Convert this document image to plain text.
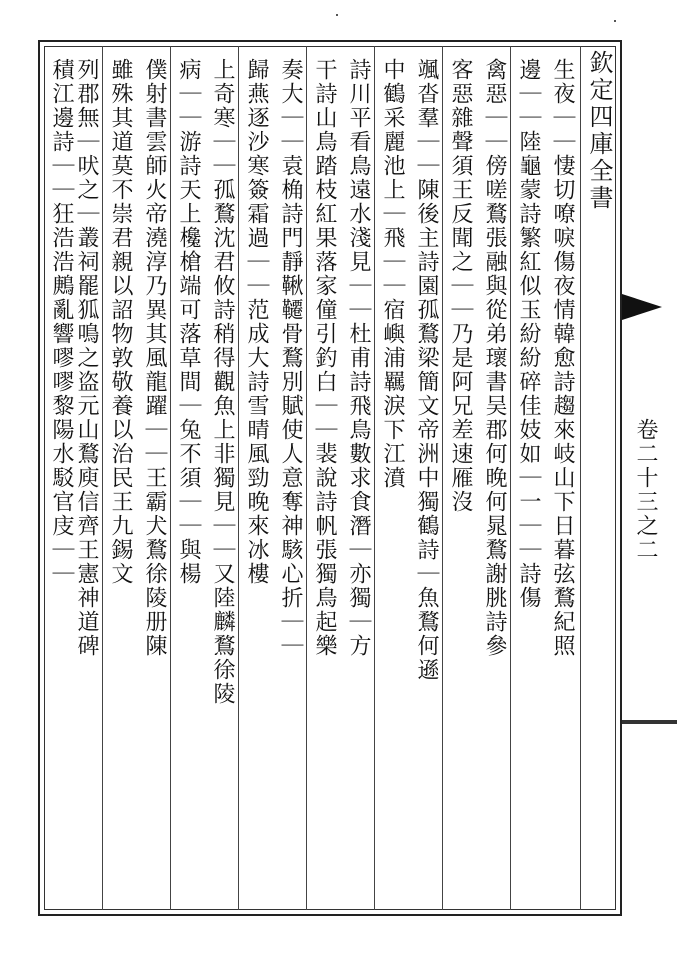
欽定四庫全書
卷二十三之二
生夜｜｜悽切嘹唳傷夜情韓愈詩趨來岐山下日暮弦鶩紀照
邊｜｜陸龜蒙詩繁紅似玉紛紛碎佳妓如｜一｜｜詩傷
禽惡｜｜傍嗟鶩張融與從弟瓌書吴郡何晚何晁鶩謝朓詩參
客惡雜聲須王反聞之｜｜乃是阿兄差速雁沒
颯沓羣｜｜陳後主詩園孤鶩梁簡文帝洲中獨鶴詩｜魚鶩何遜
中鶴采麗池上｜飛｜｜宿嶼浦羈淚下江濆
詩川平看鳥遠水淺見｜｜杜甫詩飛鳥數求食潛｜亦獨｜方
干詩山鳥踏枝紅果落家僮引釣白｜｜裴說詩帆張獨鳥起樂
奏大｜｜袁桷詩門靜鞦韆骨鶩別賦使人意奪神駭心折｜｜
歸燕逐沙寒簽霜過｜｜范成大詩雪晴風勁晚來冰樓
上奇寒｜｜孤鶩沈君攸詩稍得觀魚上非獨見｜｜又陸麟鶩徐陵
病｜｜游詩天上欃槍端可落草間｜兔不須｜｜與楊
僕射書雲師火帝澆淳乃異其風龍躍｜｜王霸犬鶩徐陵册陳
雖殊其道莫不崇君親以詔物敦敬養以治民王九錫文
列郡無｜吠之｜叢祠罷狐鳴之盗元山鶩庾信齊王憲神道碑
積江邊詩｜｜狂浩浩鶊亂響嘐嘐黎陽水駁官庋｜｜
